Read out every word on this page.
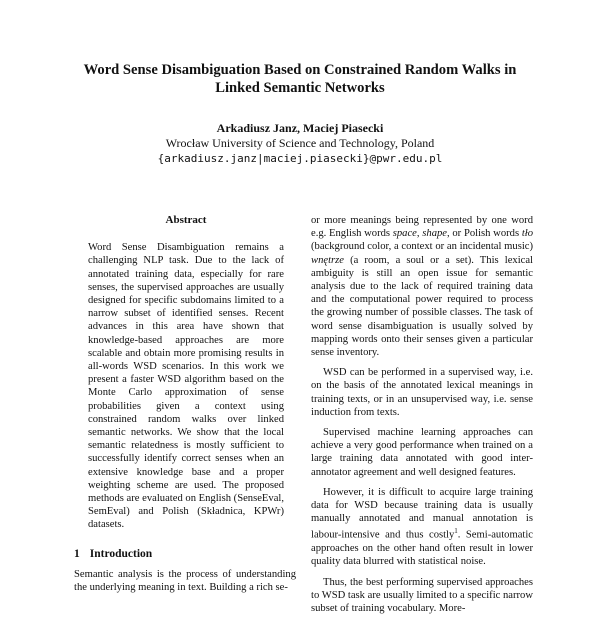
Word Sense Disambiguation Based on Constrained Random Walks in
Linked Semantic Networks
Arkadiusz Janz, Maciej Piasecki
Wrocław University of Science and Technology, Poland
{arkadiusz.janz|maciej.piasecki}@pwr.edu.pl
Abstract

Word Sense Disambiguation remains a challenging NLP task. Due to the lack of annotated training data, especially for rare senses, the supervised approaches are usually designed for specific subdomains limited to a narrow subset of identified senses. Recent advances in this area have shown that knowledge-based approaches are more scalable and obtain more promising results in all-words WSD scenarios. In this work we present a faster WSD algorithm based on the Monte Carlo approximation of sense probabilities given a context using constrained random walks over linked semantic networks. We show that the local semantic relatedness is mostly sufficient to successfully identify correct senses when an extensive knowledge base and a proper weighting scheme are used. The proposed methods are evaluated on English (SenseEval, SemEval) and Polish (Składnica, KPWr) datasets.

1 Introduction

Semantic analysis is the process of understanding the underlying meaning in text. Building a rich se-

or more meanings being represented by one word e.g. English words space, shape, or Polish words tło (background color, a context or an incidental music) wnętrze (a room, a soul or a set). This lexical ambiguity is still an open issue for semantic analysis due to the lack of required training data and the computational power required to process the growing number of possible classes. The task of word sense disambiguation is usually solved by mapping words onto their senses given a particular sense inventory.

WSD can be performed in a supervised way, i.e. on the basis of the annotated lexical meanings in training texts, or in an unsupervised way, i.e. sense induction from texts.

Supervised machine learning approaches can achieve a very good performance when trained on a large training data annotated with good inter-annotator agreement and well designed features.

However, it is difficult to acquire large training data for WSD because training data is usually manually annotated and manual annotation is labour-intensive and thus costly$^1$. Semi-automatic approaches on the other hand often result in lower quality data blurred with statistical noise.

Thus, the best performing supervised approaches to WSD task are usually limited to a specific narrow subset of training vocabulary. More-
